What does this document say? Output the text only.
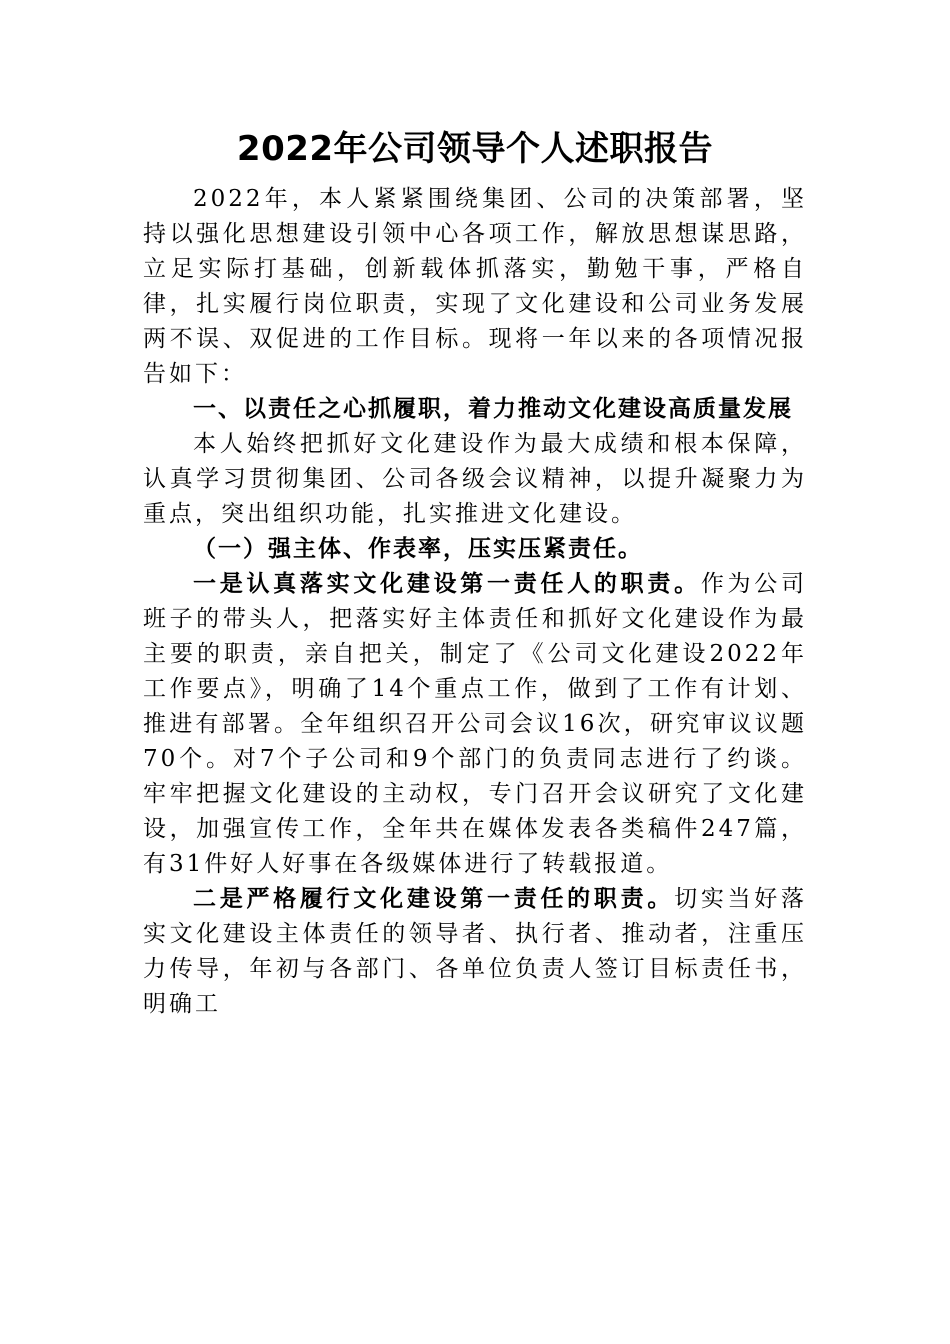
2022年公司领导个人述职报告

2022年，本人紧紧围绕集团、公司的决策部署，坚持以强化思想建设引领中心各项工作，解放思想谋思路，立足实际打基础，创新载体抓落实，勤勉干事，严格自律，扎实履行岗位职责，实现了文化建设和公司业务发展两不误、双促进的工作目标。现将一年以来的各项情况报告如下：

一、以责任之心抓履职，着力推动文化建设高质量发展

本人始终把抓好文化建设作为最大成绩和根本保障，认真学习贯彻集团、公司各级会议精神，以提升凝聚力为重点，突出组织功能，扎实推进文化建设。

（一）强主体、作表率，压实压紧责任。

一是认真落实文化建设第一责任人的职责。作为公司班子的带头人，把落实好主体责任和抓好文化建设作为最主要的职责，亲自把关，制定了《公司文化建设2022年工作要点》，明确了14个重点工作，做到了工作有计划、推进有部署。全年组织召开公司会议16次，研究审议议题70个。对7个子公司和9个部门的负责同志进行了约谈。牢牢把握文化建设的主动权，专门召开会议研究了文化建设，加强宣传工作，全年共在媒体发表各类稿件247篇，有31件好人好事在各级媒体进行了转载报道。

二是严格履行文化建设第一责任的职责。切实当好落实文化建设主体责任的领导者、执行者、推动者，注重压力传导，年初与各部门、各单位负责人签订目标责任书，明确工
